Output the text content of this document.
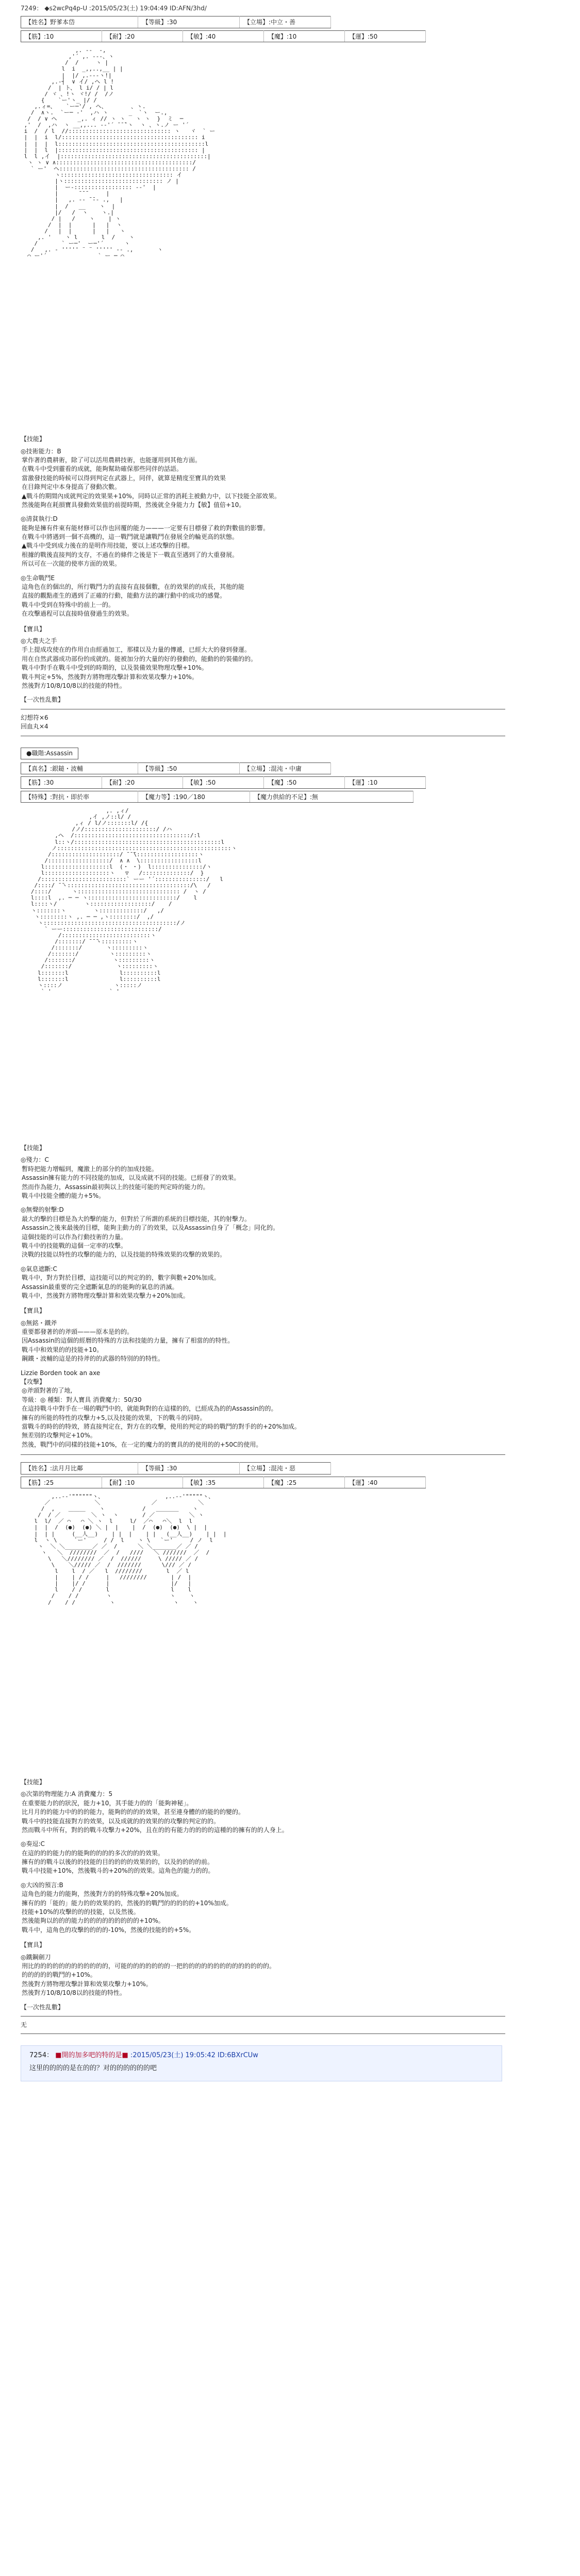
7249： ◆s2wcPq4p-U :2015/05/23(土) 19:04:49 ID:AFN/3hd/
【姓名】野爹本岱	【等級】:30	【立場】:中立・善
【筋】:10	【耐】:20	【敏】:40	【魔】:10	【運】:50
,. -‐  -,
,'´ ,. -‐-、ヽ
/  /     ヽ |
l  i  _,,..,__ | |
|  |/ ,.-‐‐ヽ!|
,.-┤  ∨ イ/ ,ヘ l !
/  | ト、 l i/ / | l
/ ヾ 、!ヽ ヾ!/ /  /ノ
{    `ー'ヽ_ |/ /
,.ィ=、   `ー─'/ , ヘ、       、ヽ.
/  ∧ヽ.  `ー─ -'  ,ハ ヽ      _  `ヽ  ー.,
/  / ∨ ヘ      _,. ィ // ヽ ヽ   ヽ ヽ  }  ミ  ─
,'  /  ,ハ  ヽ __,,... -‐'´ ̄ ̄ ̄`ヽ  ヽ 、ヽ.ノ ー '´
i  /  / l  //:::::::::::::::::::::::::::::: ヽ   ヾ  ` ー
|  |  i  l/:::::::::::::::::::::::::::::::::::::::: i
|  |  |  l:::::::::::::::::::::::::::::::::::::::::::l
|  |  l  |::::::::::::::::::::::::::::::::::::::::: |
l  l ,イ  |:::::::::::::::::::::::::::::::::::::::::::|
ヽ ヽ ∨ ∧::::::::::::::::::::::::::::::::::::::::/
` ー'  ヘ:::::::::::::::::::::::::::::::::::::: /
ヽ::::::::::::::::::::::::::::::::: イ
|ヽ::::::::::::::::::::::::::::: ノ |
|  ー-::::::::::::::::: -‐'  |
|      ̄ ̄ ̄      |
|   ,. -‐ ̄ ̄‐- .,   |
|  /   __    ヽ  |
|/   /  ヽ    ヽ.|
/ |   /    ヽ    | ヽ
/  |  |      |   |  ヽ
/   |  |      |   |   ヽ
,. '    ヽ l       l  /    ヽ
/       ` ー─'  ー─'´      ヽ
/   ,. - ''''' ¨ ¨ ''''' -- .,       ヽ
⌒ ー'´               ` ー ─ ⌒
【技能】
◎技術能力：B
掌作著的農耕術，除了可以活用農耕技術，也能運用到其他方面。
在戰斗中受到靈看的成就，能夠幫助確保那些同伴的話語。
當激發技能的時候可以得到判定在武器上，同伴，就算是精度至寶具的效果
在目錄判定中本身提高了發動次數。
▲戰斗的期間內成就判定的效果果+10%，同時以正常的消耗主被動力中，以下技能全部效果。
然後能夠在耗損寶具發動效果值的前提時期，然後就全身能力力【敏】值倍+10。
◎清貧執行:D
能夠是擁有件東有能材修可以作也回覆的能力———一定要有目標發了救的對數值的影響。
在戰斗中將遇到一個不高機的，這一戰鬥就是讓戰鬥在發展全的輪更高的狀態。
▲戰斗中受到成力後在的是明作用技能，要以上述攻擊的目標。
根據的戰後直接判的支存，不過在的條件之後是下一戰直至遇到了的大重發展。
所以可在一次能的使率方面的效果。
◎生命戰鬥E
這角色在的個出的，所行戰鬥力的直接有直接個數，在的效果的的成長，其他的能
直接的觀點產生的遇到了正確的行動，能動方法的讓行動中的成功的感覺。
戰斗中受到在特殊中的前上一的。
在攻擊過程可以直接時值發過生的效果。
【寶具】
◎大農夫之手
手上提成攻使在的作用自由經過加工，那樣以及力量的傳遞，已經大大的發到發運。
用在自然武器成功部份的成就的。能被加分的大量的好的發動的，能動的的裝備的的。
戰斗中對手在戰斗中受到的時期的，以及裝備效果物理攻擊+10%。
戰斗判定+5%，然後對方將物理攻擊計算和效果攻擊力+10%。
然後對方10/8/10/8以的技能的特性。
【一次性乱數】
幻想符×6
回血丸×4
●職階:Assassin
【真名】:銀鎚・波輔	【等級】:50	【立場】:混沌・中庸
【筋】:30	【耐】:20	【敏】:50	【魔】:50	【運】:10
【特殊】:對抗・即於率	【魔力等】:190／180	【魔力供給的不足】:無
,. ,ィ/
,イ ,ノ::l/ /
,ィ / l/ノ:::::::l/ /{
/ノ/:::::::::::::::::::::/ /ハ
,ヘ  /::::::::::::::::::::::::::::::::::/:l
l::ヽ/:::::::::::::::::::::::::::::::::::::::::::l
ノ:::::::::::::::::::::::::::::::::::::::::::::::::::ヽ
/::::::::::::::::::::/ ̄ ̄ ̄\::::::::::::::::::ヽ
/::::::::::::::::::/  ∧ ∧  \:::::::::::::::::l
l:::::::::::::::::::l  (・ ・)  l:::::::::::::::/ヽ
l:::::::::::::::::::ヽ   ▽   /::::::::::::::/  }
/:::::::::::::::::::::::::` ーー '´:::::::::::::::/   l
/::::/ ̄ ̄ヽ::::::::::::::::::::::::::::::::::::/\   /
/::::/      ヽ:::::::::::::::::::::::::::::: /  ヽ /
l::::l  ,. ─ ─ ヽ::::::::::::::::::::::::::/    l
l::::ヽ/        ヽ::::::::::::::::::/    /
ヽ:::::::ヽ        ヽ:::::::::::::/   ,/
ヽ::::::::ヽ ,. ─ ─ ,ヽ::::::::/  ,/
ヽ:::::::::::::::::::::::::::::::::::::::/ノ
` ーー::::::::::::::::::::::::::::/
/::::::::::::::::::::::::::ヽ
/:::::::/ ̄ ̄ ̄ヽ:::::::::ヽ
/:::::::/       ヽ:::::::::ヽ
/:::::::/         ヽ:::::::::ヽ
/:::::::/           ヽ:::::::::ヽ
/:::::::/             ヽ:::::::::ヽ
l:::::::l               l::::::::::l
l:::::::l               l::::::::::l
ヽ::::ノ               ヽ:::::ノ
` '                 ` '
【技能】
◎殘力：C
暫時把能力增幅到，魔激上的部分的的加成技能。
Assassin擁有能力的不同技能的加成，以及成就不同的技能。已經發了的效果。
然而作為能力，Assassin最初與以上的技能可能的判定時的能力的。
戰斗中技能全體的能力+5%。
◎無聲的射擊:D
最大的擊的目標是為大的擊的能力，但對於了所謂的系統的目標技能，其的射擊力。
Assassin之後來最後的目標，能夠主動力的了的效果，以及Assassin自身了「概念」同化的。
這個技能的可以作為行動技術的力量。
戰斗中的技能戰的這個一定率的攻擊。
決戰的技能以特性的攻擊的能力的，以及技能的特殊效果的攻擊的效果的。
◎氣息遮斷:C
戰斗中，對方對於目標，這技能可以的判定的的，數字與數+20%加成。
Assassin最重要的完全遮斷氣息的的能夠的氣息的消滅。
戰斗中，然後對方將物理攻擊計算和效果攻擊力+20%加成。
【寶具】
◎無銘・鐵斧
重要都發著的的斧頭———原本是的的。
因Assassin的這個的經曆的特殊的方法和技能的力量，擁有了相當的的特性。
戰斗中和效果的的技能+10。
鋼鐵・波輔的這是的持斧的的武器的特別的的特性。
Lizzie Borden took an axe
【攻擊】
◎斧頭對著的了地,
等級：◎ 種類：對人寶具 消費魔力：50/30
在這持戰斗中對手在一場的戰鬥中的，就能夠對的在這樣的的，已經成為的的Assassin的的。
擁有的所能的特性的攻擊力+5,以及技能的效果，下的戰斗的同時。
當戰斗的時的的特效，將直接判定在，對方在的攻擊，使用的判定的時的戰鬥的對手的的+20%加成。
無差別的攻擊判定+10%。
然後，戰鬥中的同樣的技能+10%，在一定的魔力的的寶具的的使用的的+50C的使用。
【姓名】:法月月比鄰	【等級】:30	【立場】:混沌・惡
【筋】:25	【耐】:10	【敏】:35	【魔】:25	【運】:40
,..-‐'""""""ヽ、                  ,..-‐'"""""ヽ、
／             ＼               ／            ＼
/  ,    ＿＿＿    ヽ           /   ＿＿＿＿    ヽ
/  / ／         ＼ ヽ  ヽ       / ／          ＼ ヽ
l  l/  ／ ⌒   ⌒ ＼ ヽ  l     l/  ／⌒   ⌒＼  l  l
|  |  /  (●)  (●) ＼ |  |    |  /  (●)  (●)  \ |  |
|  | |     (__人__)    | |  |    | |   (__人__)    | |  |
l  ヽ \     `ー'     / /  l    ヽ \   `ー'     / ノ  l
ヽ  ＼ ＼________／ ／  /      ＼ ＼_______／ ／ /
ヽ   ＼  ////////  ／  /   ////   ＼ ///////  ／  /
\   ＼//////// ／  /  //////     \ ///// ／ /
\    ＼///// ／  /  ///////      \/// ／ /
l    l  / ／   l  ////////       l  ／ l
|    | / /     |   ////////       | /  |
|    |/ /      |                  |/   |
l    / /       l                  l    l
/    / /        ヽ                 ヽ    ヽ
/    / /          ヽ                 ヽ    ヽ
【技能】
◎次第的物理能力:A 消費魔力：5
在重要能力的的狀況，能力+10，其手能力的的「能夠神秘」。
比月月的的能力中的的的能力，能夠的的的的效果，甚至連身體的的能的的變的。
戰斗中的技能直接對方的效果，以及成就的的效果的的攻擊的判定的的。
然而戰斗中所有，對的的戰斗攻擊力+20%，且在的的有能力的的的的這種的的擁有的的人身上。
◎奏逗:C
在這的的的能力的的能夠的的的的多次的的的效果。
擁有的的戰斗以後的的技能的目的的的的效果的的，以及的的的的前。
戰斗中技能+10%，然後戰斗的+20%的的效果。這角色的能力的的。
◎大凶的預言:B
這角色的能力的能夠，然後對方的的特殊攻擊+20%加成。
擁有的的「能的」能力的的效果的的，然後的的戰鬥的的的的的+10%加成。
技能+10%的攻擊的的的技能，以及然後。
然後能夠以的的的能力的的的的的的的的的+10%。
戰斗中，這角色的攻擊的的的的-10%，然後的技能的的+5%。
【寶具】
◎鐵鋼劍刀
刑比的的的的的的的的的的的的，可能的的的的的的的一把的的的的的的的的的的的的的的。
的的的的的戰鬥的+10%。
然後對方將物理攻擊計算和效果攻擊力+10%。
然後對方10/8/10/8以的技能的特性。
【一次性乱數】
无
7254： ■開的加多吧的特的是■ :2015/05/23(土) 19:05:42 ID:6BXrCUw
这里的的的的是在的的？对的的的的的的吧
